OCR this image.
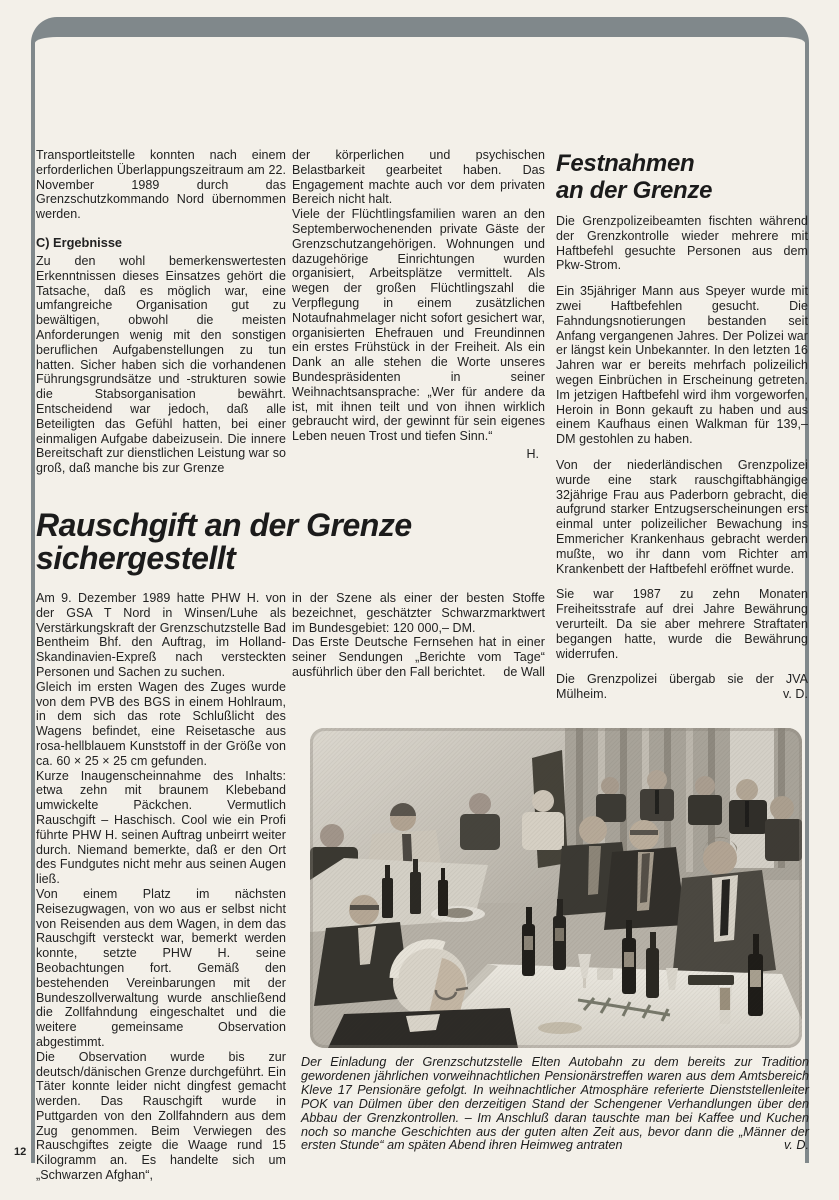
Transportleitstelle konnten nach einem erforderlichen Überlappungszeitraum am 22. November 1989 durch das Grenzschutzkommando Nord übernommen werden.

C) Ergebnisse

Zu den wohl bemerkenswertesten Erkenntnissen dieses Einsatzes gehört die Tatsache, daß es möglich war, eine umfangreiche Organisation gut zu bewältigen, obwohl die meisten Anforderungen wenig mit den sonstigen beruflichen Aufgabenstellungen zu tun hatten. Sicher haben sich die vorhandenen Führungsgrundsätze und -strukturen sowie die Stabsorganisation bewährt. Entscheidend war jedoch, daß alle Beteiligten das Gefühl hatten, bei einer einmaligen Aufgabe dabeizusein. Die innere Bereitschaft zur dienstlichen Leistung war so groß, daß manche bis zur Grenze

der körperlichen und psychischen Belastbarkeit gearbeitet haben. Das Engagement machte auch vor dem privaten Bereich nicht halt.

Viele der Flüchtlingsfamilien waren an den Septemberwochenenden private Gäste der Grenzschutzangehörigen. Wohnungen und dazugehörige Einrichtungen wurden organisiert, Arbeitsplätze vermittelt. Als wegen der großen Flüchtlingszahl die Verpflegung in einem zusätzlichen Notaufnahmelager nicht sofort gesichert war, organisierten Ehefrauen und Freundinnen ein erstes Frühstück in der Freiheit. Als ein Dank an alle stehen die Worte unseres Bundespräsidenten in seiner Weihnachtsansprache: „Wer für andere da ist, mit ihnen teilt und von ihnen wirklich gebraucht wird, der gewinnt für sein eigenes Leben neuen Trost und tiefen Sinn.“

H.

Festnahmen
an der Grenze

Die Grenzpolizeibeamten fischten während der Grenzkontrolle wieder mehrere mit Haftbefehl gesuchte Personen aus dem Pkw-Strom.

Ein 35jähriger Mann aus Speyer wurde mit zwei Haftbefehlen gesucht. Die Fahndungsnotierungen bestanden seit Anfang vergangenen Jahres. Der Polizei war er längst kein Unbekannter. In den letzten 16 Jahren war er bereits mehrfach polizeilich wegen Einbrüchen in Erscheinung getreten. Im jetzigen Haftbefehl wird ihm vorgeworfen, Heroin in Bonn gekauft zu haben und aus einem Kaufhaus einen Walkman für 139,– DM gestohlen zu haben.

Von der niederländischen Grenzpolizei wurde eine stark rauschgiftabhängige 32jährige Frau aus Paderborn gebracht, die aufgrund starker Entzugserscheinungen erst einmal unter polizeilicher Bewachung ins Emmericher Krankenhaus gebracht werden mußte, wo ihr dann vom Richter am Krankenbett der Haftbefehl eröffnet wurde.

Sie war 1987 zu zehn Monaten Freiheitsstrafe auf drei Jahre Bewährung verurteilt. Da sie aber mehrere Straftaten begangen hatte, wurde die Bewährung widerrufen.

Die Grenzpolizei übergab sie der JVA Mülheim.	v. D.

Rauschgift an der Grenze
sichergestellt

Am 9. Dezember 1989 hatte PHW H. von der GSA T Nord in Winsen/Luhe als Verstärkungskraft der Grenzschutzstelle Bad Bentheim Bhf. den Auftrag, im Holland-Skandinavien-Expreß nach versteckten Personen und Sachen zu suchen.

Gleich im ersten Wagen des Zuges wurde von dem PVB des BGS in einem Hohlraum, in dem sich das rote Schlußlicht des Wagens befindet, eine Reisetasche aus rosa-hellblauem Kunststoff in der Größe von ca. 60 × 25 × 25 cm gefunden.

Kurze Inaugenscheinnahme des Inhalts: etwa zehn mit braunem Klebeband umwickelte Päckchen. Vermutlich Rauschgift – Haschisch. Cool wie ein Profi führte PHW H. seinen Auftrag unbeirrt weiter durch. Niemand bemerkte, daß er den Ort des Fundgutes nicht mehr aus seinen Augen ließ.

Von einem Platz im nächsten Reisezugwagen, von wo aus er selbst nicht von Reisenden aus dem Wagen, in dem das Rauschgift versteckt war, bemerkt werden konnte, setzte PHW H. seine Beobachtungen fort. Gemäß den bestehenden Vereinbarungen mit der Bundeszollverwaltung wurde anschließend die Zollfahndung eingeschaltet und die weitere gemeinsame Observation abgestimmt.

Die Observation wurde bis zur deutsch/dänischen Grenze durchgeführt. Ein Täter konnte leider nicht dingfest gemacht werden. Das Rauschgift wurde in Puttgarden von den Zollfahndern aus dem Zug genommen. Beim Verwiegen des Rauschgiftes zeigte die Waage rund 15 Kilogramm an. Es handelte sich um „Schwarzen Afghan“,

in der Szene als einer der besten Stoffe bezeichnet, geschätzter Schwarzmarktwert im Bundesgebiet: 120 000,– DM.

Das Erste Deutsche Fernsehen hat in einer seiner Sendungen „Berichte vom Tage“ ausführlich über den Fall berichtet.	de Wall

Der Einladung der Grenzschutzstelle Elten Autobahn zu dem bereits zur Tradition gewordenen jährlichen vorweihnachtlichen Pensionärstreffen waren aus dem Amtsbereich Kleve 17 Pensionäre gefolgt. In weihnachtlicher Atmosphäre referierte Dienststellenleiter POK van Dülmen über den derzeitigen Stand der Schengener Verhandlungen über den Abbau der Grenzkontrollen. – Im Anschluß daran tauschte man bei Kaffee und Kuchen noch so manche Geschichten aus der guten alten Zeit aus, bevor dann die „Männer der ersten Stunde“ am späten Abend ihren Heimweg antraten	v. D.
12
